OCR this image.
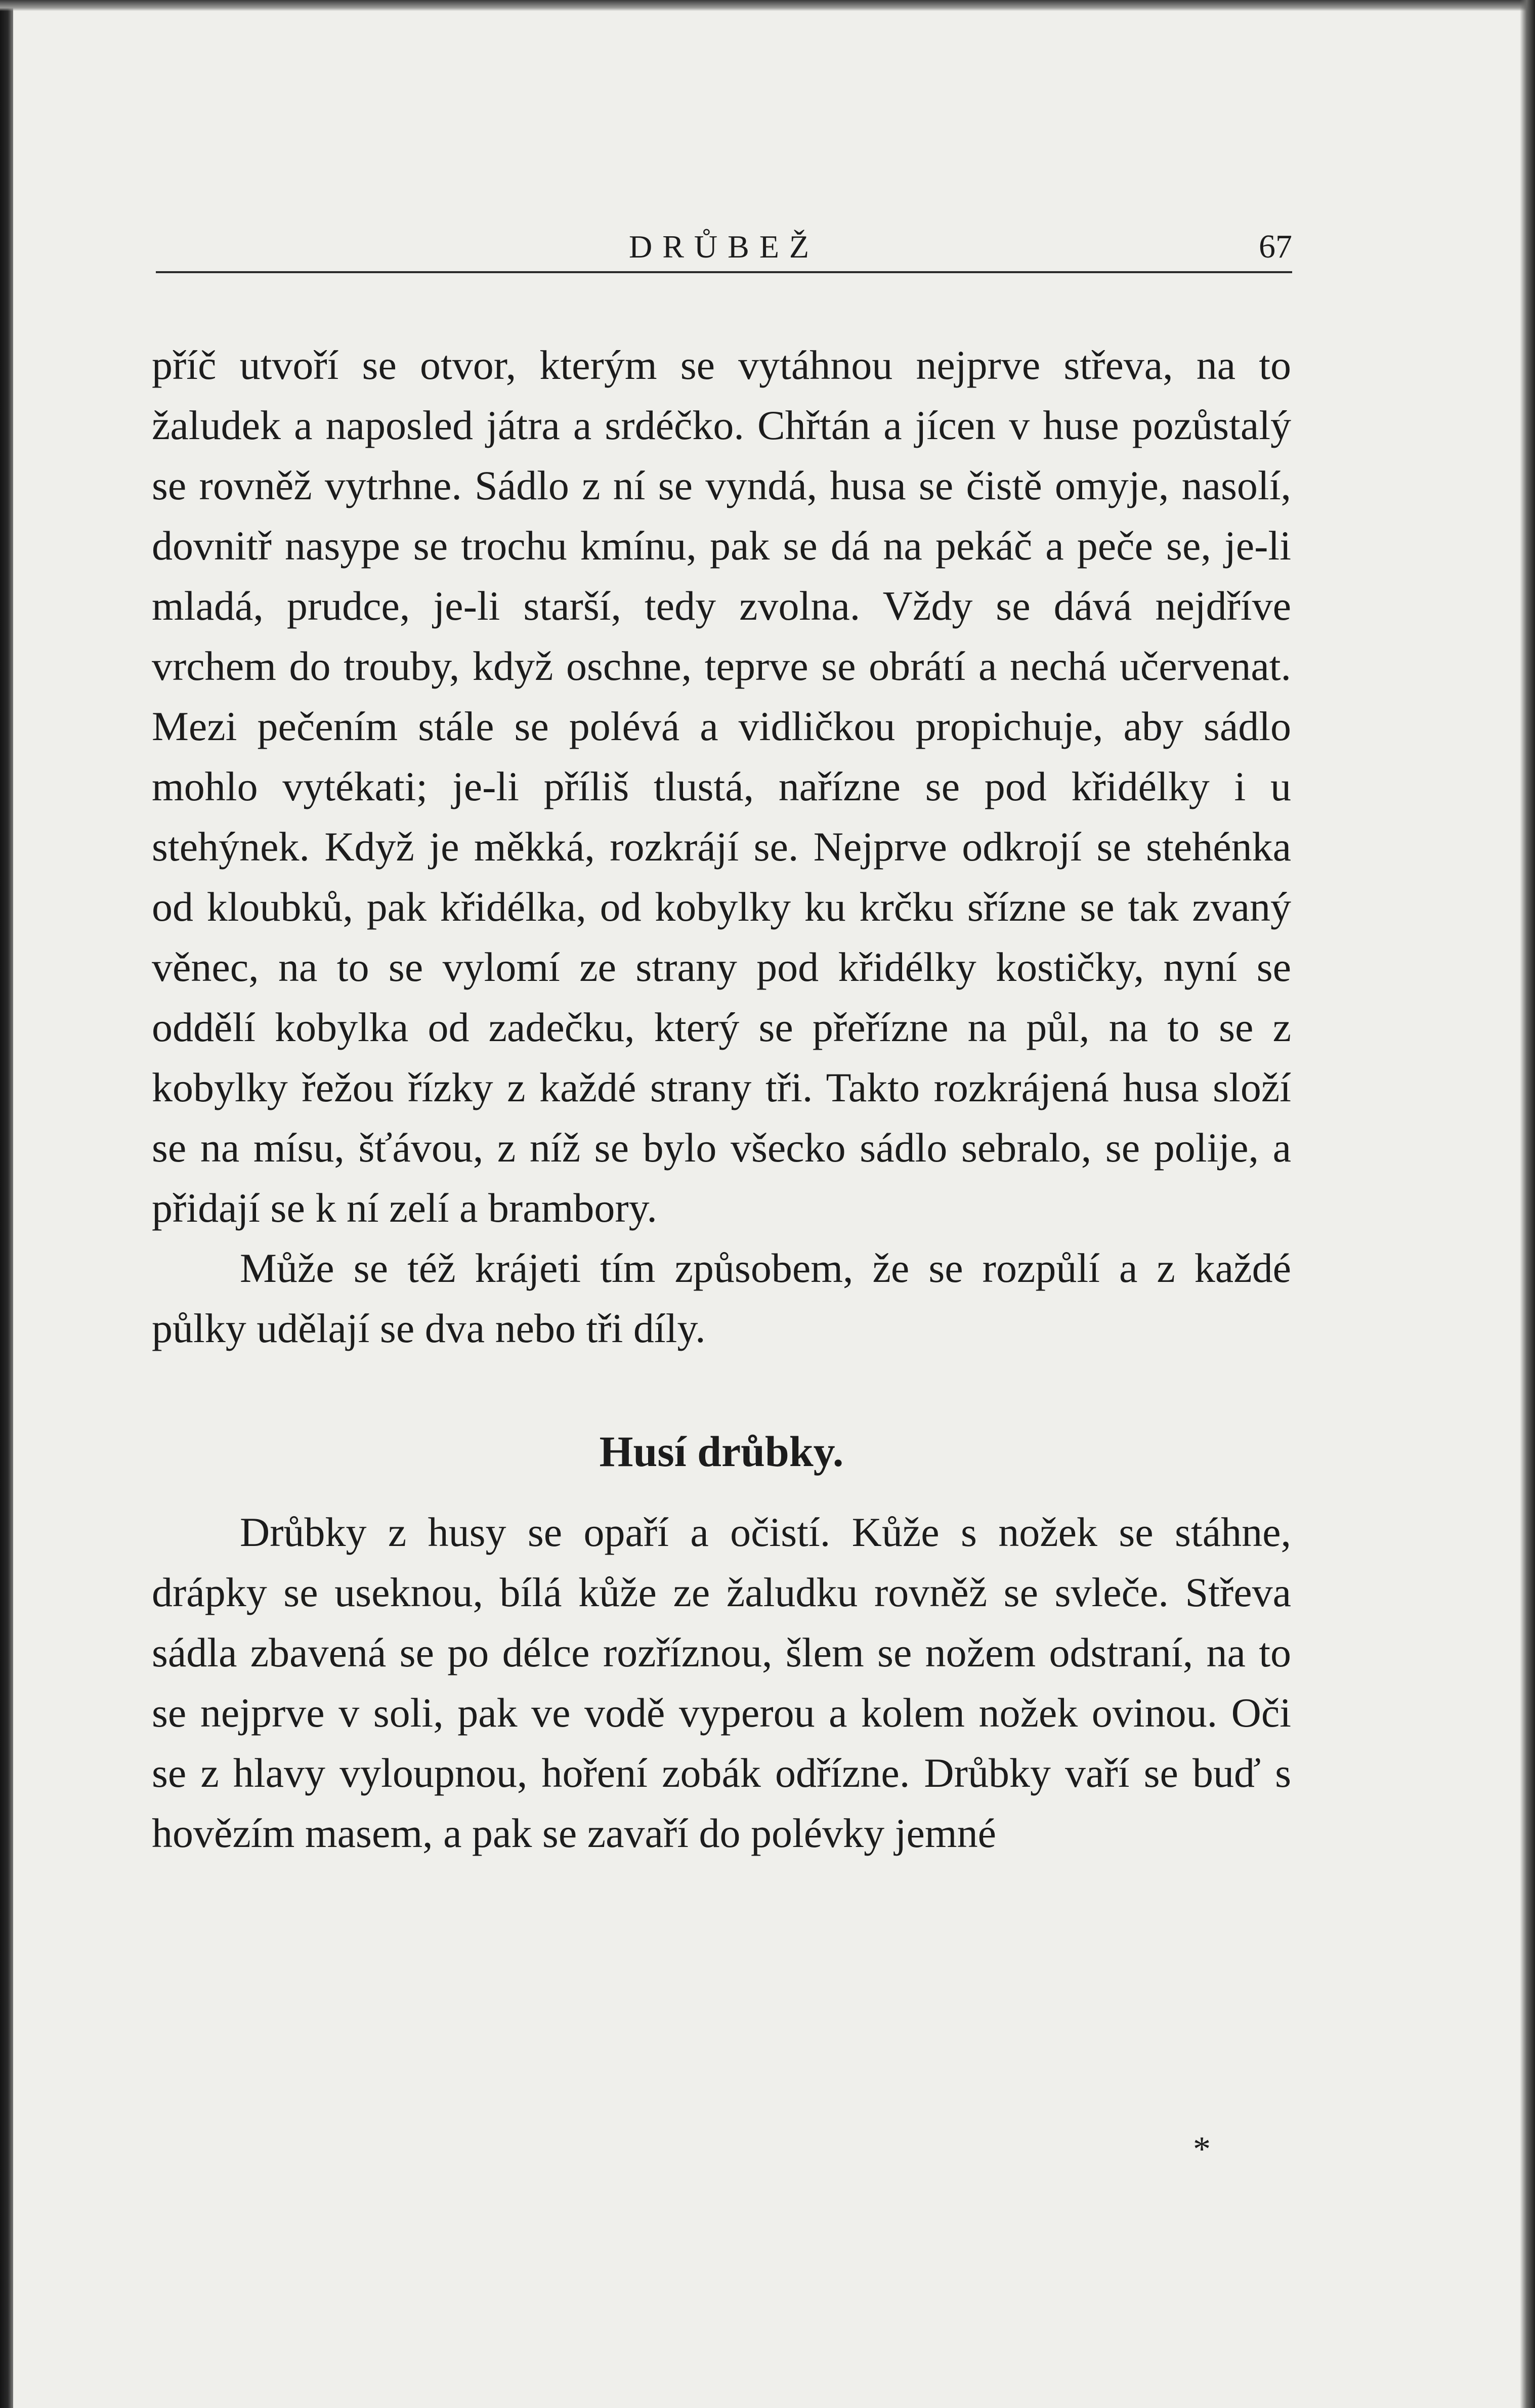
DRŮBEŽ	67

příč utvoří se otvor, kterým se vytáhnou nejprve střeva, na to žaludek a naposled játra a srdéčko. Chřtán a jícen v huse pozůstalý se rovněž vytrhne. Sádlo z ní se vyndá, husa se čistě omyje, nasolí, dovnitř nasype se trochu kmínu, pak se dá na pekáč a peče se, je-li mladá, prudce, je-li starší, tedy zvolna. Vždy se dává nejdříve vrchem do trouby, když oschne, teprve se obrátí a nechá učervenat. Mezi pečením stále se polévá a vidličkou propichuje, aby sádlo mohlo vytékati; je-li příliš tlustá, nařízne se pod křidélky i u stehýnek. Když je měkká, rozkrájí se. Nejprve odkrojí se stehénka od kloubků, pak křidélka, od kobylky ku krčku sřízne se tak zvaný věnec, na to se vylomí ze strany pod křidélky kostičky, nyní se oddělí kobylka od zadečku, který se přeřízne na půl, na to se z kobylky řežou řízky z každé strany tři. Takto rozkrájená husa složí se na mísu, šťávou, z níž se bylo všecko sádlo sebralo, se polije, a přidají se k ní zelí a brambory.

Může se též krájeti tím způsobem, že se rozpůlí a z každé půlky udělají se dva nebo tři díly.

Husí drůbky.

Drůbky z husy se opaří a očistí. Kůže s nožek se stáhne, drápky se useknou, bílá kůže ze žaludku rovněž se svleče. Střeva sádla zbavená se po délce rozříznou, šlem se nožem odstraní, na to se nejprve v soli, pak ve vodě vyperou a kolem nožek ovinou. Oči se z hlavy vyloupnou, hoření zobák odřízne. Drůbky vaří se buď s hovězím masem, a pak se zavaří do polévky jemné

*
